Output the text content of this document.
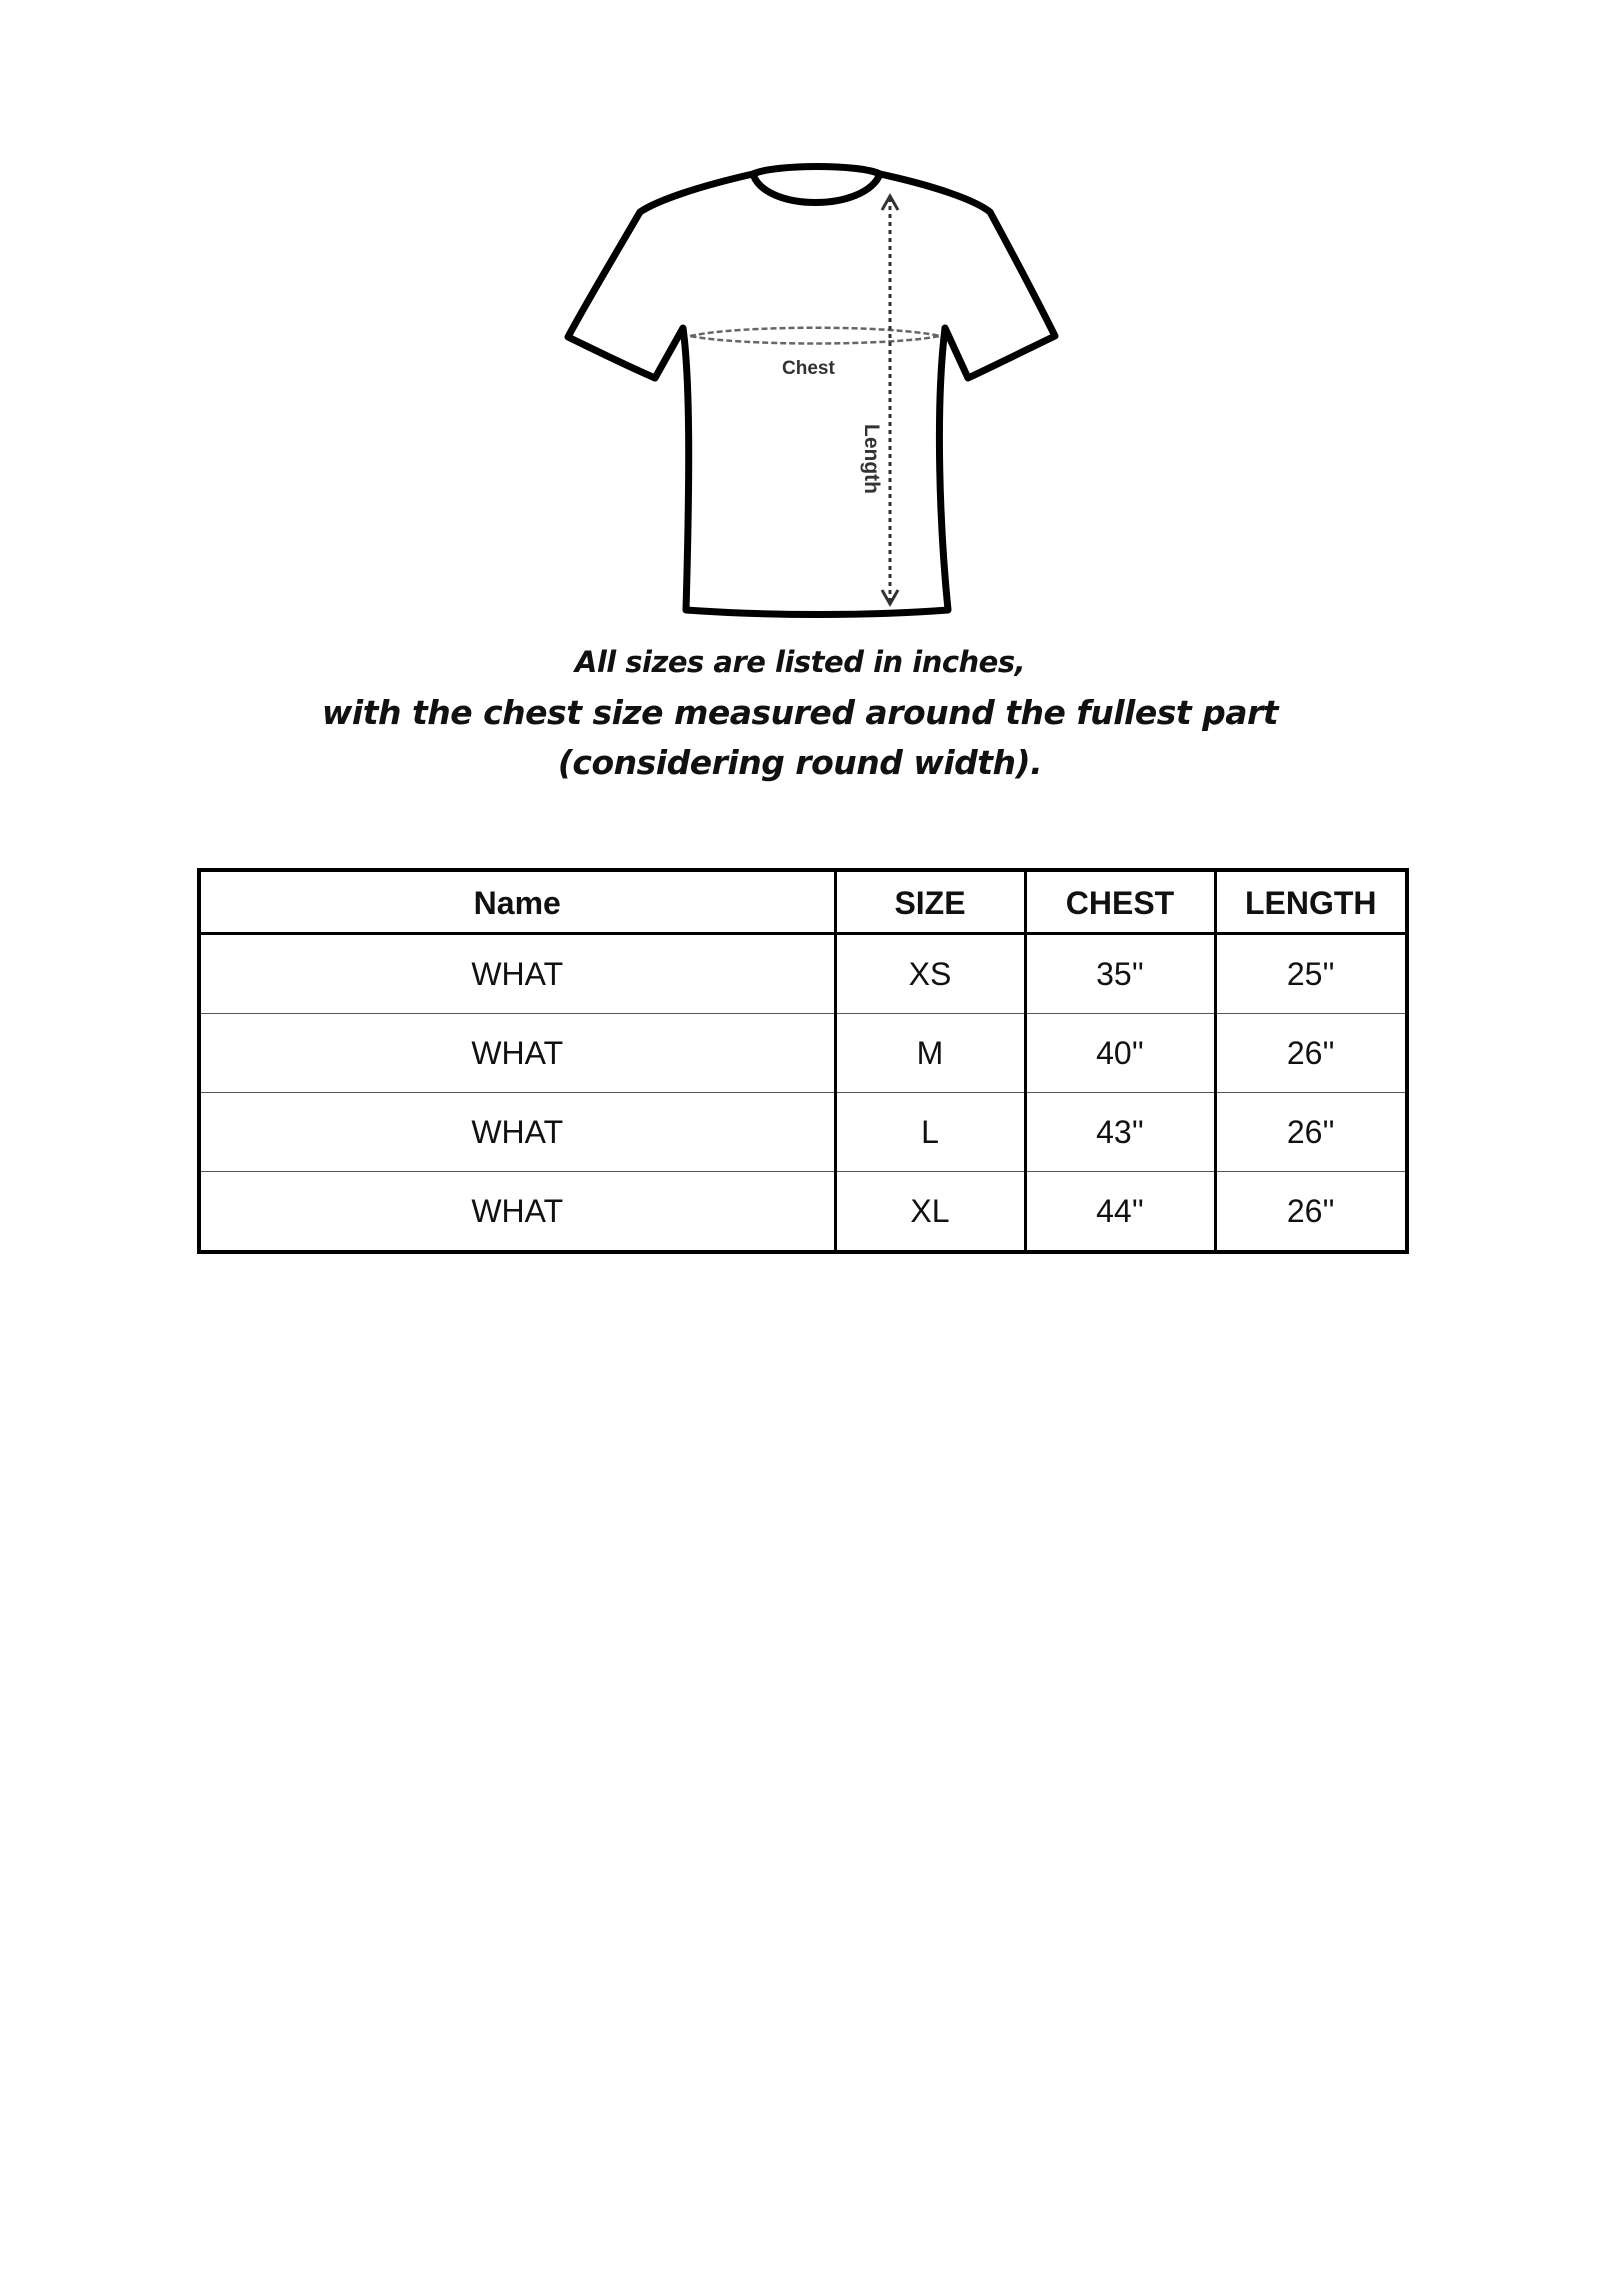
Chest
Length
All sizes are listed in inches,
with the chest size measured around the fullest part
(considering round width).
Name	SIZE	CHEST	LENGTH
WHAT	XS	35''	25''
WHAT	M	40''	26''
WHAT	L	43''	26''
WHAT	XL	44''	26''
